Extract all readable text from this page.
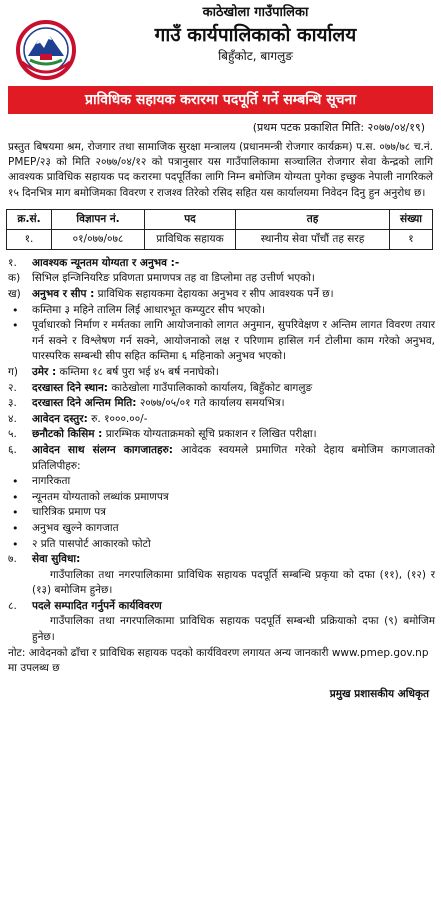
काठेखोला गाउँपालिका
गाउँ कार्यपालिकाको कार्यालय
बिहुँकोट, बागलुङ
प्राविधिक सहायक करारमा पदपूर्ति गर्ने सम्बन्धि सूचना
(प्रथम पटक प्रकाशित मिति: २०७७/०४/१९)
प्रस्तुत बिषयमा श्रम, रोजगार तथा सामाजिक सुरक्षा मन्त्रालय (प्रधानमन्त्री रोजगार कार्यक्रम) प.स. ०७७/७८ च.नं. PMEP/२३ को मिति २०७७/०४/१२ को पत्रानुसार यस गाउँपालिकामा सञ्चालित रोजगार सेवा केन्द्रको लागि आवश्यक प्राविधिक सहायक पद करारमा पदपूर्तिका लागि निम्न बमोजिम योग्यता पुगेका इच्छुक नेपाली नागरिकले १५ दिनभित्र माग बमोजिमका विवरण र राजश्व तिरेको रसिद सहित यस कार्यालयमा निवेदन दिनु हुन अनुरोध छ।
क्र.सं.	विज्ञापन नं.	पद	तह	संख्या
१.	०१/०७७/०७८	प्राविधिक सहायक	स्थानीय सेवा पाँचौं तह सरह	१
१. आवश्यक न्यूनतम योग्यता र अनुभव :-
क) सिभिल इन्जिनियरिङ प्रविणता प्रमाणपत्र तह वा डिप्लोमा तह उत्तीर्ण भएको।
ख) अनुभव र सीप : प्राविधिक सहायकमा देहायका अनुभव र सीप आवश्यक पर्ने छ।
• कम्तिमा ३ महिने तालिम लिई आधारभूत कम्प्युटर सीप भएको।
• पूर्वाधारको निर्माण र मर्मतका लागि आयोजनाको लागत अनुमान, सुपरिवेक्षण र अन्तिम लागत विवरण तयार गर्न सक्ने र विश्लेषण गर्न सक्ने, आयोजनाको लक्ष र परिणाम हासिल गर्न टोलीमा काम गरेको अनुभव, पारस्परिक सम्बन्धी सीप सहित कम्तिमा ६ महिनाको अनुभव भएको।
ग) उमेर : कम्तिमा १८ बर्ष पुरा भई ४५ बर्ष ननाघेको।
२. दरखास्त दिने स्थान: काठेखोला गाउँपालिकाको कार्यालय, बिहुँकोट बागलुङ
३. दरखास्त दिने अन्तिम मिति: २०७७/०५/०१ गते कार्यालय समयभित्र।
४. आवेदन दस्तुर: रु. १०००.००/-
५. छनौटको किसिम : प्रारम्भिक योग्यताक्रमको सूचि प्रकाशन र लिखित परीक्षा।
६. आवेदन साथ संलग्न कागजातहरु: आवेदक स्वयमले प्रमाणित गरेको देहाय बमोजिम कागजातको प्रतिलिपीहरु:
• नागरिकता
• न्यूनतम योग्यताको लब्धांक प्रमाणपत्र
• चारित्रिक प्रमाण पत्र
• अनुभव खुल्ने कागजात
• २ प्रति पासपोर्ट आकारको फोटो
७. सेवा सुविधा:
गाउँपालिका तथा नगरपालिकामा प्राविधिक सहायक पदपूर्ति सम्बन्धि प्रकृया को दफा (११), (१२) र (१३) बमोजिम हुनेछ।
८. पदले सम्पादित गर्नुपर्ने कार्यविवरण
गाउँपालिका तथा नगरपालिकामा प्राविधिक सहायक पदपूर्ति सम्बन्धी प्रक्रियाको दफा (९) बमोजिम हुनेछ।
नोट: आवेदनको ढाँचा र प्राविधिक सहायक पदको कार्यविवरण लगायत अन्य जानकारी www.pmep.gov.np मा उपलब्ध छ
प्रमुख प्रशासकीय अधिकृत
